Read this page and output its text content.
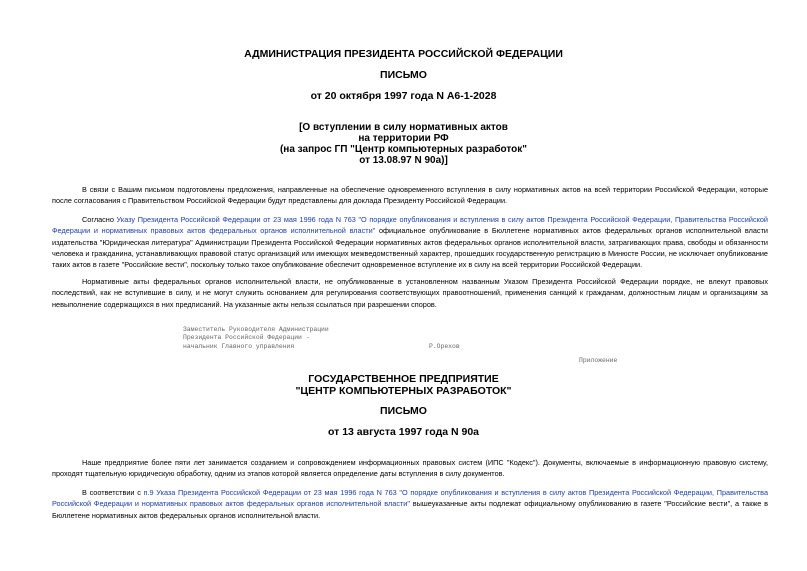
АДМИНИСТРАЦИЯ ПРЕЗИДЕНТА РОССИЙСКОЙ ФЕДЕРАЦИИ
ПИСЬМО
от 20 октября 1997 года N А6-1-2028
[О вступлении в силу нормативных актов
на территории РФ
(на запрос ГП "Центр компьютерных разработок"
от 13.08.97 N 90а)]

В связи с Вашим письмом подготовлены предложения, направленные на обеспечение одновременного вступления в силу нормативных актов на всей территории Российской Федерации, которые после согласования с Правительством Российской Федерации будут представлены для доклада Президенту Российской Федерации.

Согласно Указу Президента Российской Федерации от 23 мая 1996 года N 763 "О порядке опубликования и вступления в силу актов Президента Российской Федерации, Правительства Российской Федерации и нормативных правовых актов федеральных органов исполнительной власти" официальное опубликование в Бюллетене нормативных актов федеральных органов исполнительной власти издательства "Юридическая литература" Администрации Президента Российской Федерации нормативных актов федеральных органов исполнительной власти, затрагивающих права, свободы и обязанности человека и гражданина, устанавливающих правовой статус организаций или имеющих межведомственный характер, прошедших государственную регистрацию в Минюсте России, не исключает опубликование таких актов в газете "Российские вести", поскольку только такое опубликование обеспечит одновременное вступление их в силу на всей территории Российской Федерации.

Нормативные акты федеральных органов исполнительной власти, не опубликованные в установленном названным Указом Президента Российской Федерации порядке, не влекут правовых последствий, как не вступившие в силу, и не могут служить основанием для регулирования соответствующих правоотношений, применения санкций к гражданам, должностным лицам и организациям за невыполнение содержащихся в них предписаний. На указанные акты нельзя ссылаться при разрешении споров.

Заместитель Руководителя Администрации
Президента Российской Федерации -
начальник Главного управления	Р.Орехов
Приложение
ГОСУДАРСТВЕННОЕ ПРЕДПРИЯТИЕ
"ЦЕНТР КОМПЬЮТЕРНЫХ РАЗРАБОТОК"
ПИСЬМО
от 13 августа 1997 года N 90а

Наше предприятие более пяти лет занимается созданием и сопровождением информационных правовых систем (ИПС "Кодекс"). Документы, включаемые в информационную правовую систему, проходят тщательную юридическую обработку, одним из этапов которой является определение даты вступления в силу документов.

В соответствии с п.9 Указа Президента Российской Федерации от 23 мая 1996 года N 763 "О порядке опубликования и вступления в силу актов Президента Российской Федерации, Правительства Российской Федерации и нормативных правовых актов федеральных органов исполнительной власти" вышеуказанные акты подлежат официальному опубликованию в газете "Российские вести", а также в Бюллетене нормативных актов федеральных органов исполнительной власти.
